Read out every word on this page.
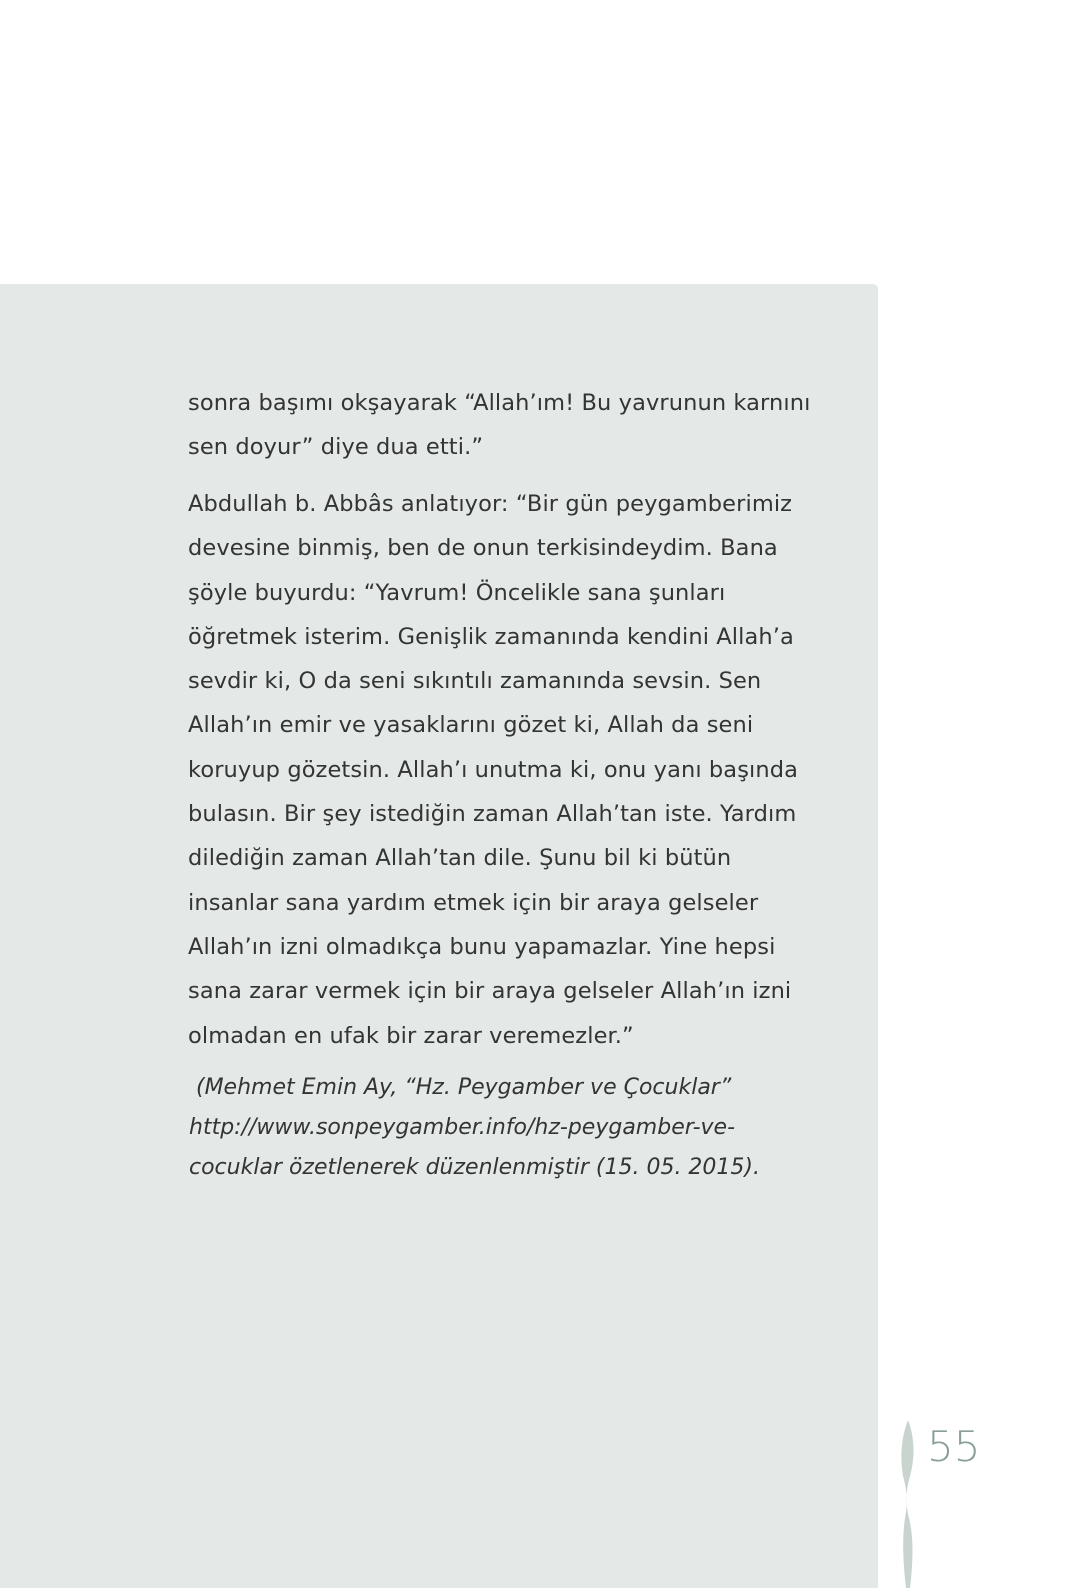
sonra başımı okşayarak “Allah’ım! Bu yavrunun karnını
sen doyur” diye dua etti.”
Abdullah b. Abbâs anlatıyor: “Bir gün peygamberimiz
devesine binmiş, ben de onun terkisindeydim. Bana
şöyle buyurdu: “Yavrum! Öncelikle sana şunları
öğretmek isterim. Genişlik zamanında kendini Allah’a
sevdir ki, O da seni sıkıntılı zamanında sevsin. Sen
Allah’ın emir ve yasaklarını gözet ki, Allah da seni
koruyup gözetsin. Allah’ı unutma ki, onu yanı başında
bulasın. Bir şey istediğin zaman Allah’tan iste. Yardım
dilediğin zaman Allah’tan dile. Şunu bil ki bütün
insanlar sana yardım etmek için bir araya gelseler
Allah’ın izni olmadıkça bunu yapamazlar. Yine hepsi
sana zarar vermek için bir araya gelseler Allah’ın izni
olmadan en ufak bir zarar veremezler.”
(Mehmet Emin Ay, “Hz. Peygamber ve Çocuklar”
http://www.sonpeygamber.info/hz-peygamber-ve-
cocuklar özetlenerek düzenlenmiştir (15. 05. 2015).
55
